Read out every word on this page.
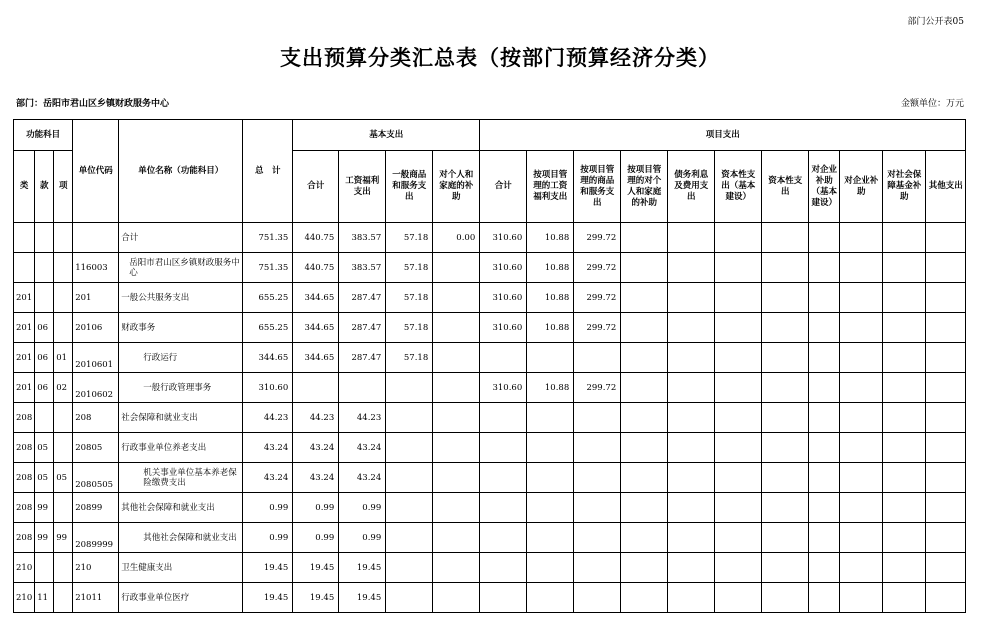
部门公开表05
支出预算分类汇总表（按部门预算经济分类）
部门：岳阳市君山区乡镇财政服务中心	金额单位：万元
功能科目			单位代码	单位名称（功能科目）	总　计	基本支出				项目支出										
类	款	项				合计	工资福利支出	一般商品和服务支出	对个人和家庭的补助	合计	按项目管理的工资福利支出	按项目管理的商品和服务支出	按项目管理的对个人和家庭的补助	债务利息及费用支出	资本性支出（基本建设）	资本性支出	对企业补助（基本建设）	对企业补助	对社会保障基金补助	其他支出
				合计	751.35	440.75	383.57	57.18	0.00	310.60	10.88	299.72								
			116003	岳阳市君山区乡镇财政服务中心	751.35	440.75	383.57	57.18		310.60	10.88	299.72								
201			201	一般公共服务支出	655.25	344.65	287.47	57.18		310.60	10.88	299.72								
201	06		20106	财政事务	655.25	344.65	287.47	57.18		310.60	10.88	299.72								
201	06	01	2010601	行政运行	344.65	344.65	287.47	57.18												
201	06	02	2010602	一般行政管理事务	310.60					310.60	10.88	299.72								
208			208	社会保障和就业支出	44.23	44.23	44.23													
208	05		20805	行政事业单位养老支出	43.24	43.24	43.24													
208	05	05	2080505	机关事业单位基本养老保险缴费支出	43.24	43.24	43.24													
208	99		20899	其他社会保障和就业支出	0.99	0.99	0.99													
208	99	99	2089999	其他社会保障和就业支出	0.99	0.99	0.99													
210			210	卫生健康支出	19.45	19.45	19.45													
210	11		21011	行政事业单位医疗	19.45	19.45	19.45													
